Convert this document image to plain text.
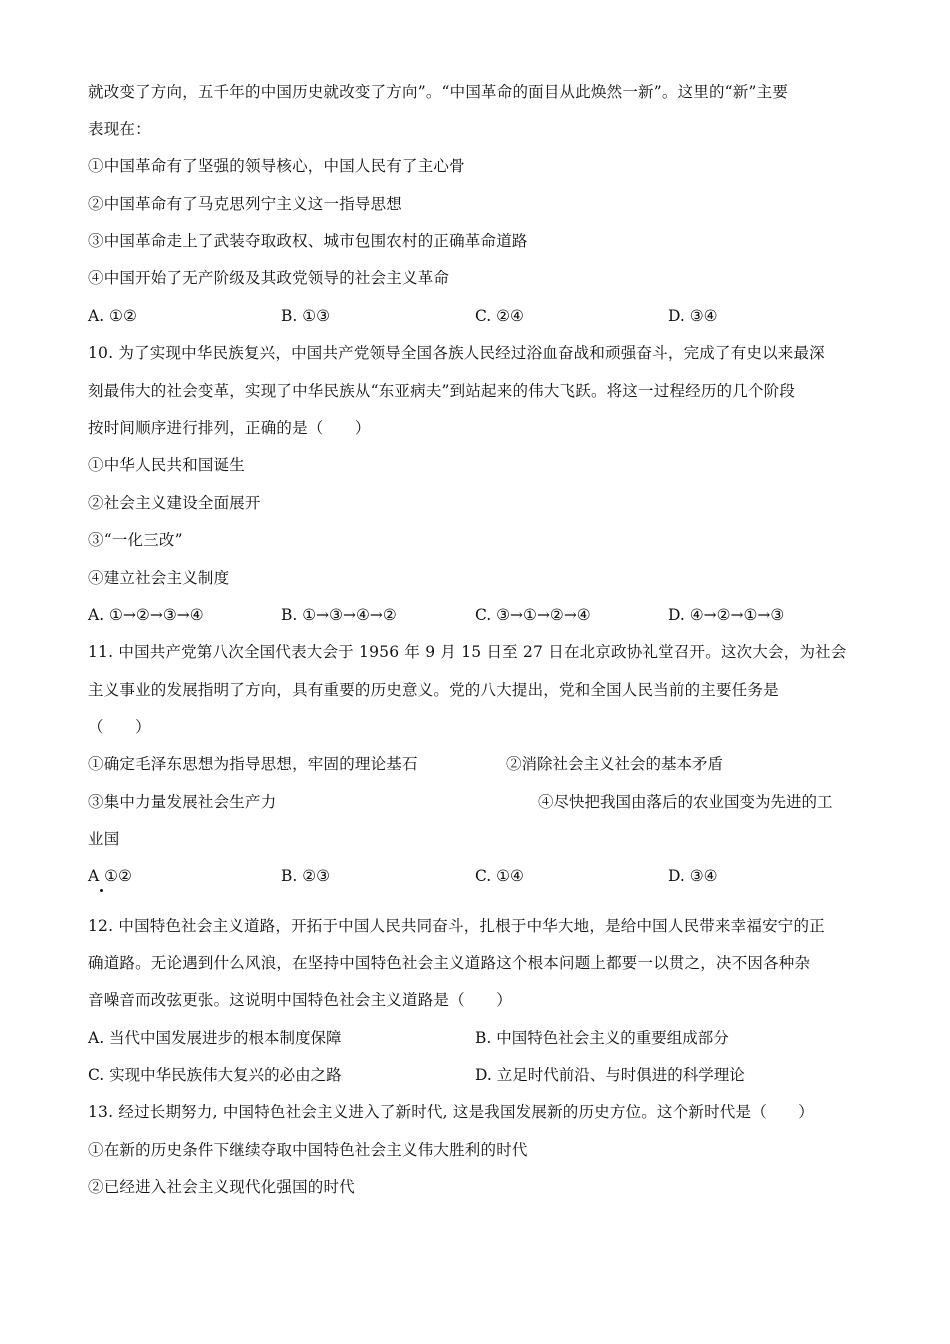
就改变了方向，五千年的中国历史就改变了方向”。“中国革命的面目从此焕然一新”。这里的“新”主要
表现在：
①中国革命有了坚强的领导核心，中国人民有了主心骨
②中国革命有了马克思列宁主义这一指导思想
③中国革命走上了武装夺取政权、城市包围农村的正确革命道路
④中国开始了无产阶级及其政党领导的社会主义革命
A. ①②	B. ①③	C. ②④	D. ③④
10. 为了实现中华民族复兴，中国共产党领导全国各族人民经过浴血奋战和顽强奋斗，完成了有史以来最深
刻最伟大的社会变革，实现了中华民族从“东亚病夫”到站起来的伟大飞跃。将这一过程经历的几个阶段
按时间顺序进行排列，正确的是（　　）
①中华人民共和国诞生
②社会主义建设全面展开
③“一化三改”
④建立社会主义制度
A. ①→②→③→④	B. ①→③→④→②	C. ③→①→②→④	D. ④→②→①→③
11. 中国共产党第八次全国代表大会于 1956 年 9 月 15 日至 27 日在北京政协礼堂召开。这次大会，为社会
主义事业的发展指明了方向，具有重要的历史意义。党的八大提出，党和全国人民当前的主要任务是
（　　）
①确定毛泽东思想为指导思想，牢固的理论基石	②消除社会主义社会的基本矛盾
③集中力量发展社会生产力	④尽快把我国由落后的农业国变为先进的工
业国
A ①②	B. ②③	C. ①④	D. ③④
12. 中国特色社会主义道路，开拓于中国人民共同奋斗，扎根于中华大地，是给中国人民带来幸福安宁的正
确道路。无论遇到什么风浪，在坚持中国特色社会主义道路这个根本问题上都要一以贯之，决不因各种杂
音噪音而改弦更张。这说明中国特色社会主义道路是（　　）
A. 当代中国发展进步的根本制度保障	B. 中国特色社会主义的重要组成部分
C. 实现中华民族伟大复兴的必由之路	D. 立足时代前沿、与时俱进的科学理论
13. 经过长期努力, 中国特色社会主义进入了新时代, 这是我国发展新的历史方位。这个新时代是（　　）
①在新的历史条件下继续夺取中国特色社会主义伟大胜利的时代
②已经进入社会主义现代化强国的时代
